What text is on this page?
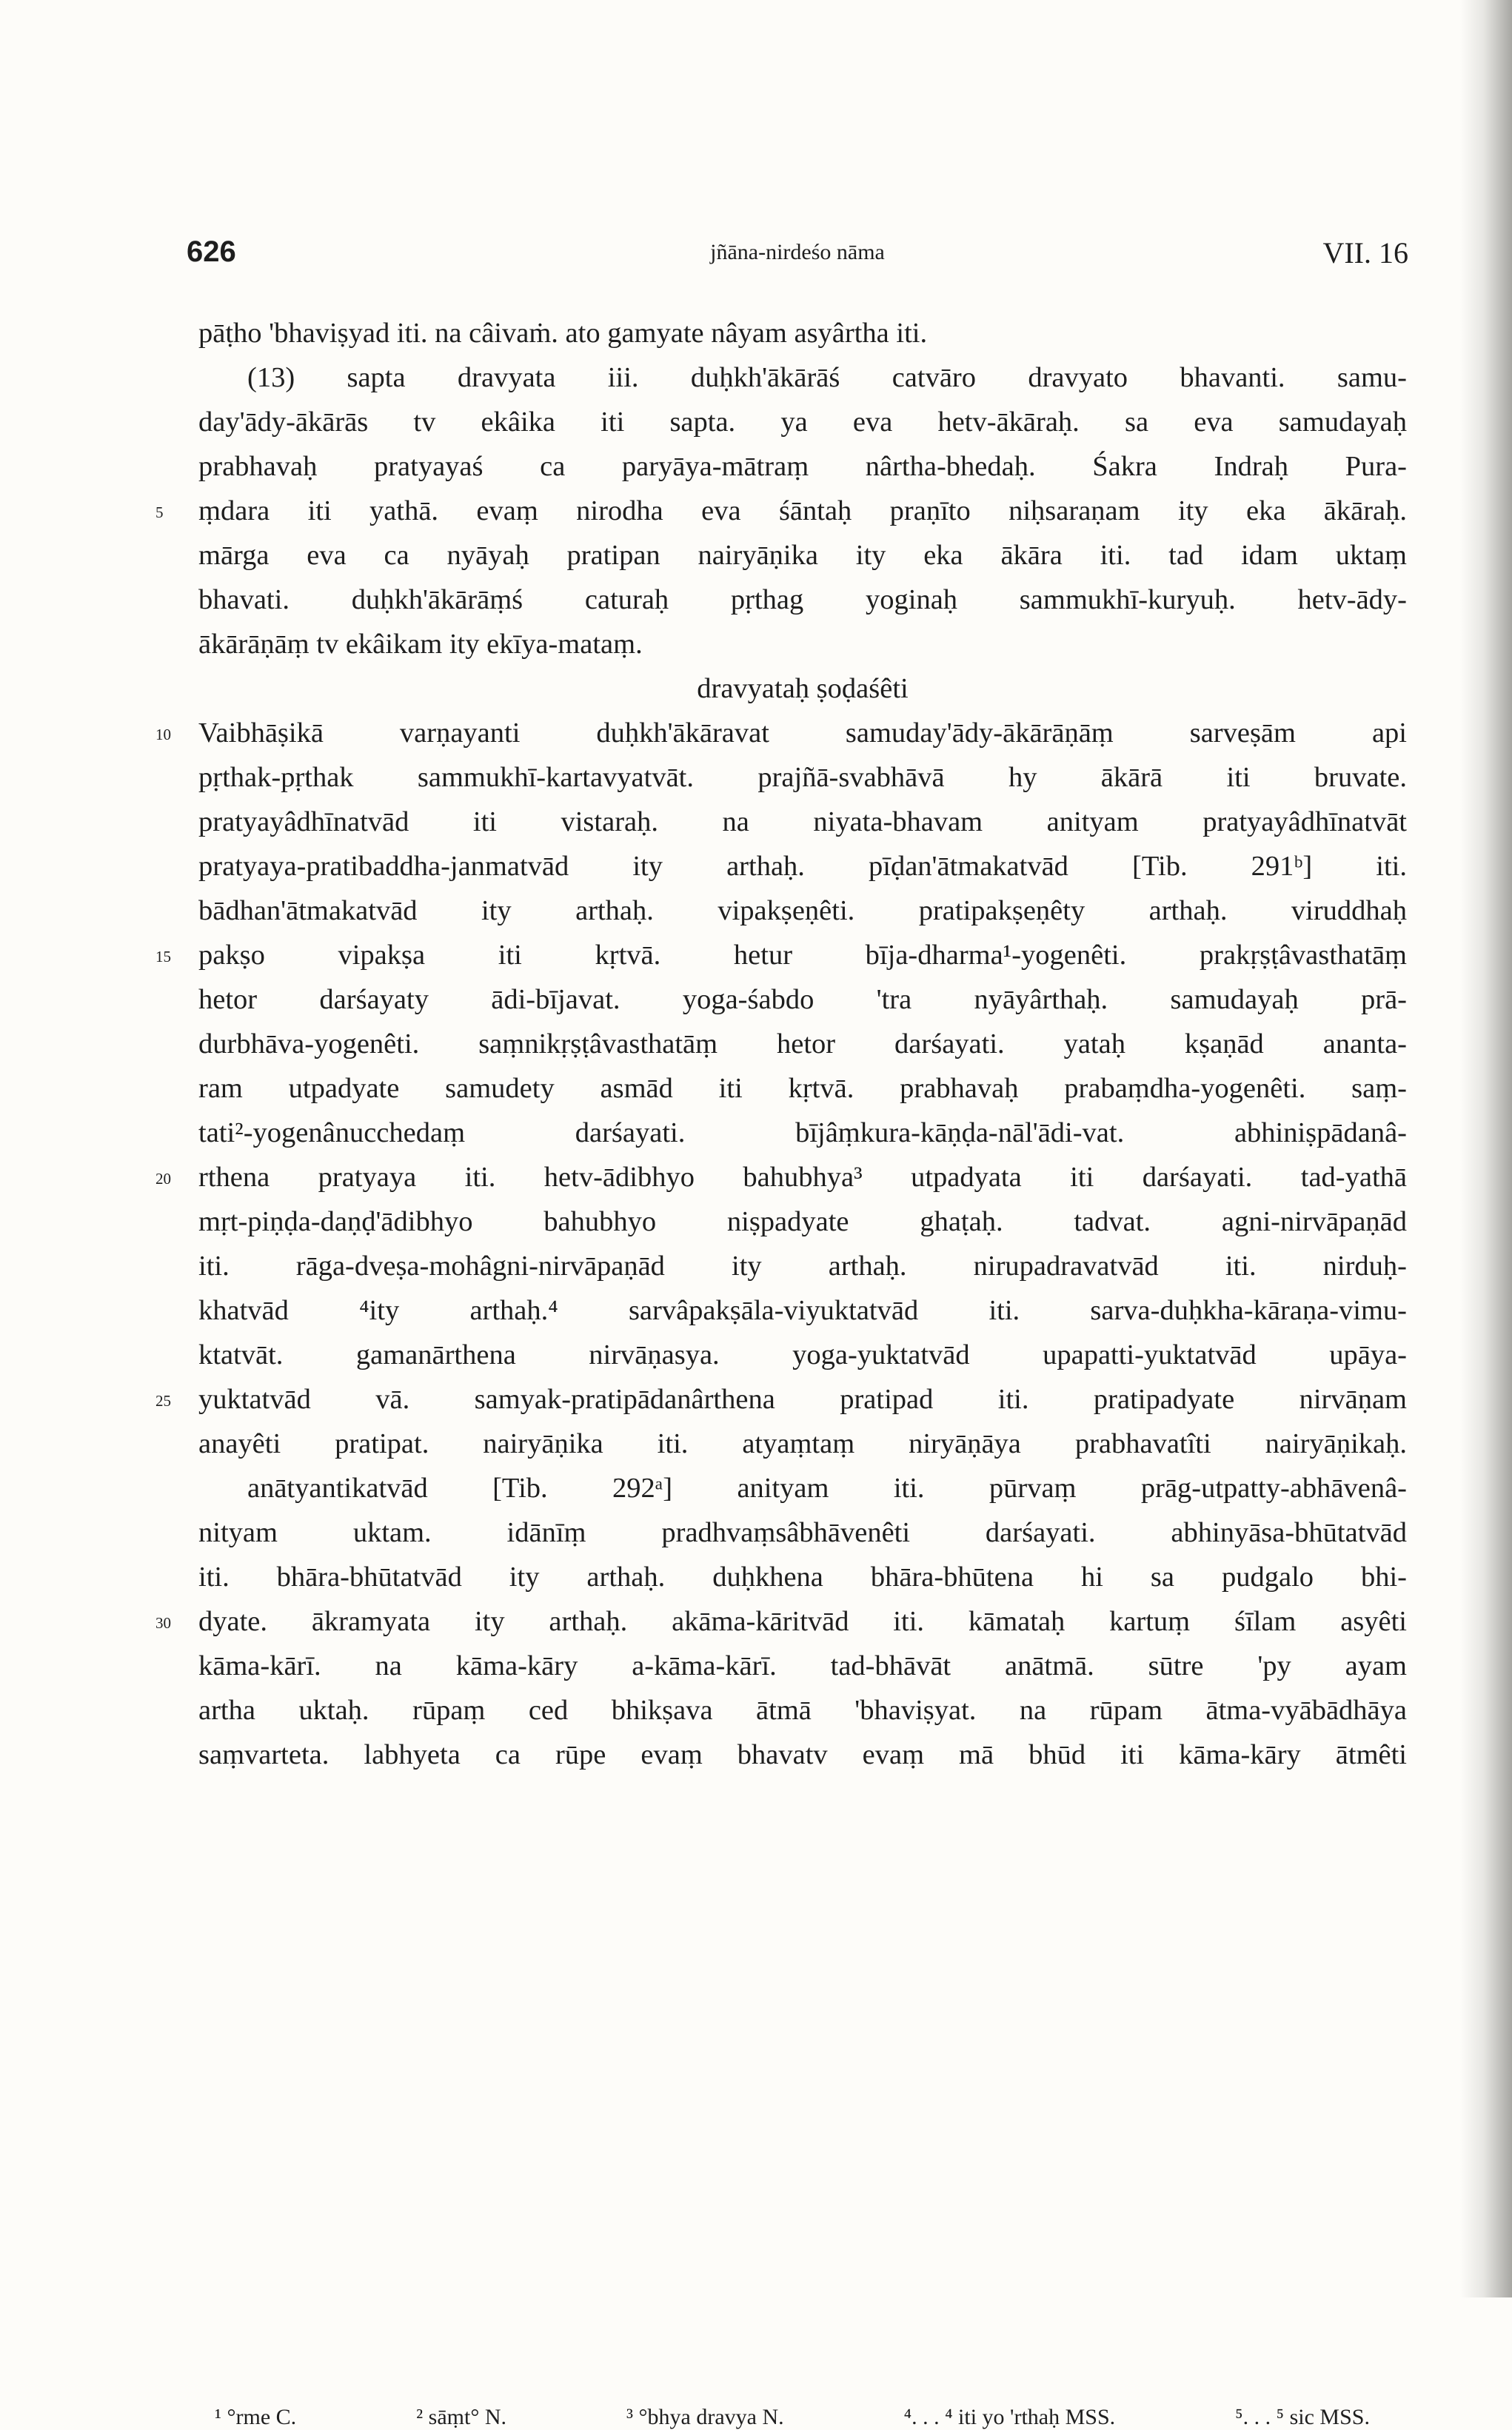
626	jñāna-nirdeśo nāma	VII. 16
pāṭho 'bhaviṣyad iti. na câivaṁ. ato gamyate nâyam asyârtha iti.
(13) sapta dravyata iii. duḥkh'ākārāś catvāro dravyato bhavanti. samu-
day'ādy-ākārās tv ekâika iti sapta. ya eva hetv-ākāraḥ. sa eva samudayaḥ
prabhavaḥ pratyayaś ca paryāya-mātraṃ nârtha-bhedaḥ. Śakra Indraḥ Pura-
5	ṃdara iti yathā. evaṃ nirodha eva śāntaḥ praṇīto niḥsaraṇam ity eka ākāraḥ.
mārga eva ca nyāyaḥ pratipan nairyāṇika ity eka ākāra iti. tad idam uktaṃ
bhavati. duḥkh'ākārāṃś caturaḥ pṛthag yoginaḥ sammukhī-kuryuḥ. hetv-ādy-
ākārāṇāṃ tv ekâikam ity ekīya-mataṃ.
dravyataḥ ṣoḍaśêti
10 Vaibhāṣikā varṇayanti duḥkh'ākāravat samuday'ādy-ākārāṇāṃ sarveṣām api
pṛthak-pṛthak sammukhī-kartavyatvāt. prajñā-svabhāvā hy ākārā iti bruvate.
pratyayâdhīnatvād iti vistaraḥ. na niyata-bhavam anityam pratyayâdhīnatvāt
pratyaya-pratibaddha-janmatvād ity arthaḥ. pīḍan'ātmakatvād [Tib. 291ᵇ] iti.
bādhan'ātmakatvād ity arthaḥ. vipakṣeṇêti. pratipakṣeṇêty arthaḥ. viruddhaḥ
15 pakṣo vipakṣa iti kṛtvā. hetur bīja-dharma¹-yogenêti. prakṛṣṭâvasthatāṃ
hetor darśayaty ādi-bījavat. yoga-śabdo 'tra nyāyârthaḥ. samudayaḥ prā-
durbhāva-yogenêti. saṃnikṛṣṭâvasthatāṃ hetor darśayati. yataḥ kṣaṇād ananta-
ram utpadyate samudety asmād iti kṛtvā. prabhavaḥ prabaṃdha-yogenêti. saṃ-
tati²-yogenânucchedaṃ darśayati. bījâṃkura-kāṇḍa-nāl'ādi-vat. abhiniṣpādanâ-
20 rthena pratyaya iti. hetv-ādibhyo bahubhya³ utpadyata iti darśayati. tad-yathā
mṛt-piṇḍa-daṇḍ'ādibhyo bahubhyo niṣpadyate ghaṭaḥ. tadvat. agni-nirvāpaṇād
iti. rāga-dveṣa-mohâgni-nirvāpaṇād ity arthaḥ. nirupadravatvād iti. nirduḥ-
khatvād ⁴ity arthaḥ.⁴ sarvâpakṣāla-viyuktatvād iti. sarva-duḥkha-kāraṇa-vimu-
ktatvāt. gamanārthena nirvāṇasya. yoga-yuktatvād upapatti-yuktatvād upāya-
25 yuktatvād vā. samyak-pratipādanârthena pratipad iti. pratipadyate nirvāṇam
anayêti pratipat. nairyāṇika iti. atyaṃtaṃ niryāṇāya prabhavatîti nairyāṇikaḥ.
anātyantikatvād [Tib. 292ᵃ] anityam iti. pūrvaṃ prāg-utpatty-abhāvenâ-
nityam uktam. idānīṃ pradhvaṃsâbhāvenêti darśayati. abhinyāsa-bhūtatvād
iti. bhāra-bhūtatvād ity arthaḥ. duḥkhena bhāra-bhūtena hi sa pudgalo bhi-
30 dyate. ākramyata ity arthaḥ. akāma-kāritvād iti. kāmataḥ kartuṃ śīlam asyêti
kāma-kārī. na kāma-kāry a-kāma-kārī. tad-bhāvāt anātmā. sūtre 'py ayam
artha uktaḥ. rūpaṃ ced bhikṣava ātmā 'bhaviṣyat. na rūpam ātma-vyābādhāya
saṃvarteta. labhyeta ca rūpe evaṃ bhavatv evaṃ mā bhūd iti kāma-kāry ātmêti
¹ °rme C.	² sāṃt° N.	³ °bhya dravya N.	⁴. . . ⁴ iti yo 'rthaḥ MSS.	⁵. . . ⁵ sic MSS.
